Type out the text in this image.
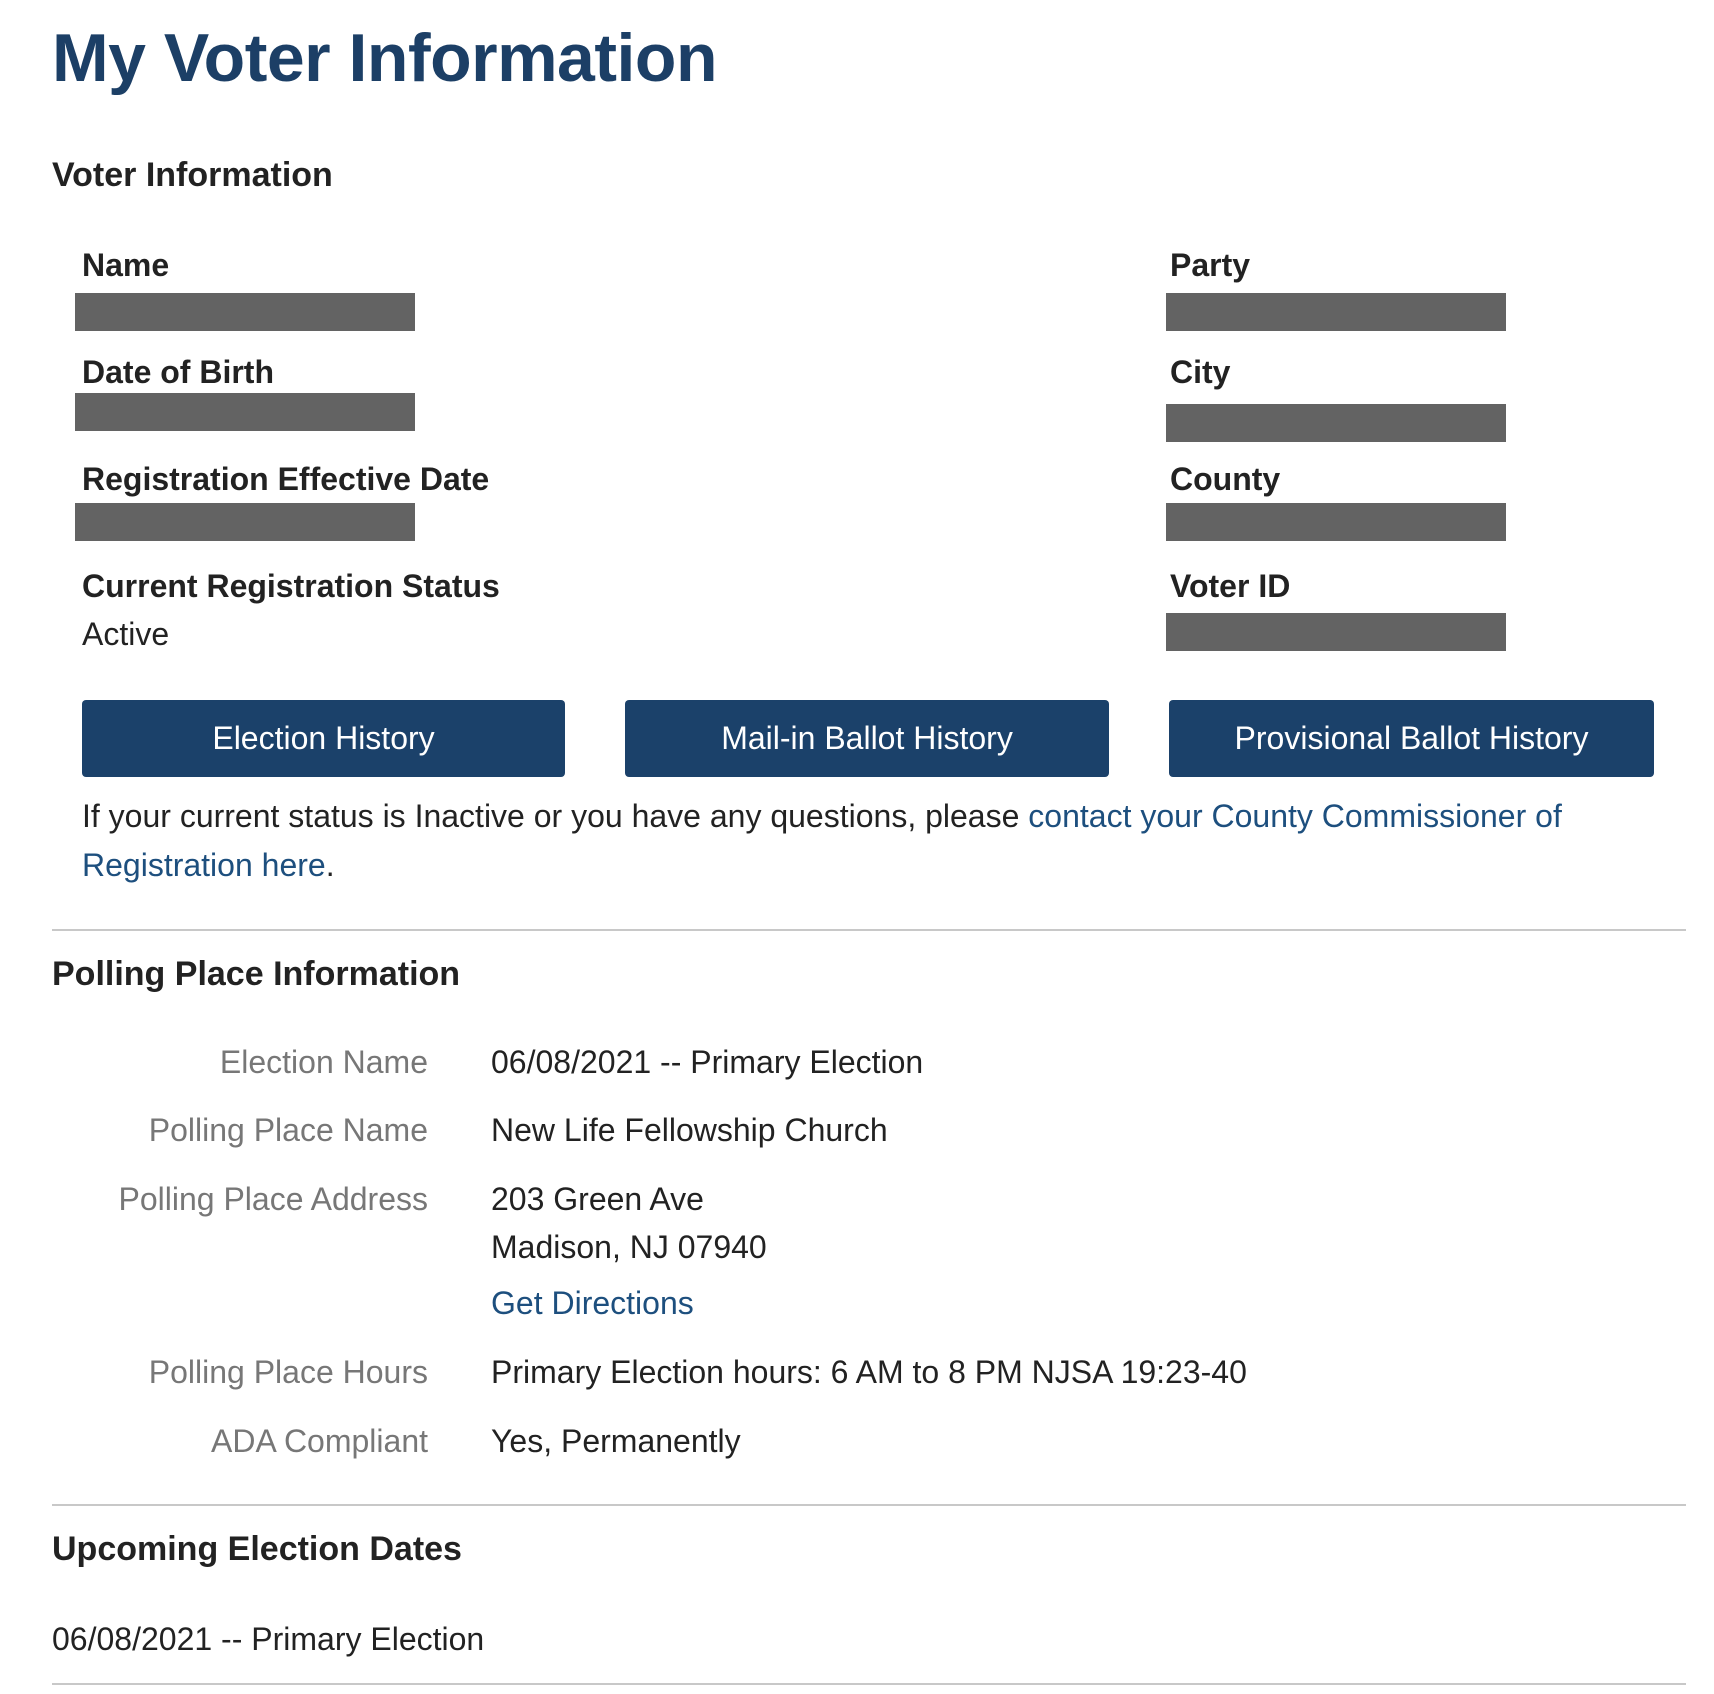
My Voter Information
Voter Information
Name
Date of Birth
Registration Effective Date
Current Registration Status
Active
Party
City
County
Voter ID
Election History	Mail-in Ballot History	Provisional Ballot History

If your current status is Inactive or you have any questions, please contact your County Commissioner of Registration here.

Polling Place Information
Election Name 06/08/2021 -- Primary Election
Polling Place Name New Life Fellowship Church
Polling Place Address 203 Green Ave
Madison, NJ 07940
Get Directions
Polling Place Hours Primary Election hours: 6 AM to 8 PM NJSA 19:23-40
ADA Compliant Yes, Permanently
Upcoming Election Dates
06/08/2021 -- Primary Election
